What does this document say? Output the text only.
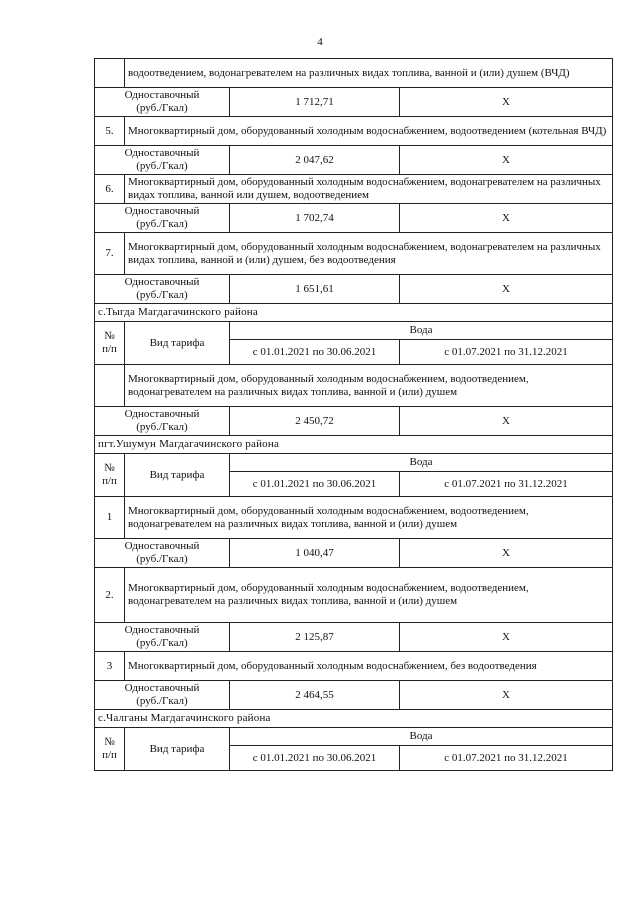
4
	водоотведением, водонагревателем на различных видах топлива, ванной и (или) душем (ВЧД)		
Одноставочный
(руб./Гкал)		1 712,71	Х
5.	Многоквартирный дом, оборудованный холодным водоснабжением, водоотведением (котельная ВЧД)		
Одноставочный
(руб./Гкал)		2 047,62	Х
6.	Многоквартирный дом, оборудованный холодным водоснабжением, водонагревателем на различных видах топлива, ванной или душем, водоотведением		
Одноставочный
(руб./Гкал)		1 702,74	Х
7.	Многоквартирный дом, оборудованный холодным водоснабжением, водонагревателем на различных видах топлива, ванной и (или) душем, без водоотведения		
Одноставочный
(руб./Гкал)		1 651,61	Х
с.Тыгда Магдагачинского района			
№
п/п	Вид тарифа	Вода	
		с 01.01.2021 по 30.06.2021	с 01.07.2021 по 31.12.2021
	Многоквартирный дом, оборудованный холодным водоснабжением, водоотведением, водонагревателем на различных видах топлива, ванной и (или) душем		
Одноставочный
(руб./Гкал)		2 450,72	Х
пгт.Ушумун Магдагачинского района			
№
п/п	Вид тарифа	Вода	
		с 01.01.2021 по 30.06.2021	с 01.07.2021 по 31.12.2021
1	Многоквартирный дом, оборудованный холодным водоснабжением, водоотведением, водонагревателем на различных видах топлива, ванной и (или) душем		
Одноставочный
(руб./Гкал)		1 040,47	Х
2.	Многоквартирный дом, оборудованный холодным водоснабжением, водоотведением, водонагревателем на различных видах топлива, ванной и (или) душем		
Одноставочный
(руб./Гкал)		2 125,87	Х
3	Многоквартирный дом, оборудованный холодным водоснабжением, без водоотведения		
Одноставочный
(руб./Гкал)		2 464,55	Х
с.Чалганы Магдагачинского района			
№
п/п	Вид тарифа	Вода	
		с 01.01.2021 по 30.06.2021	с 01.07.2021 по 31.12.2021
